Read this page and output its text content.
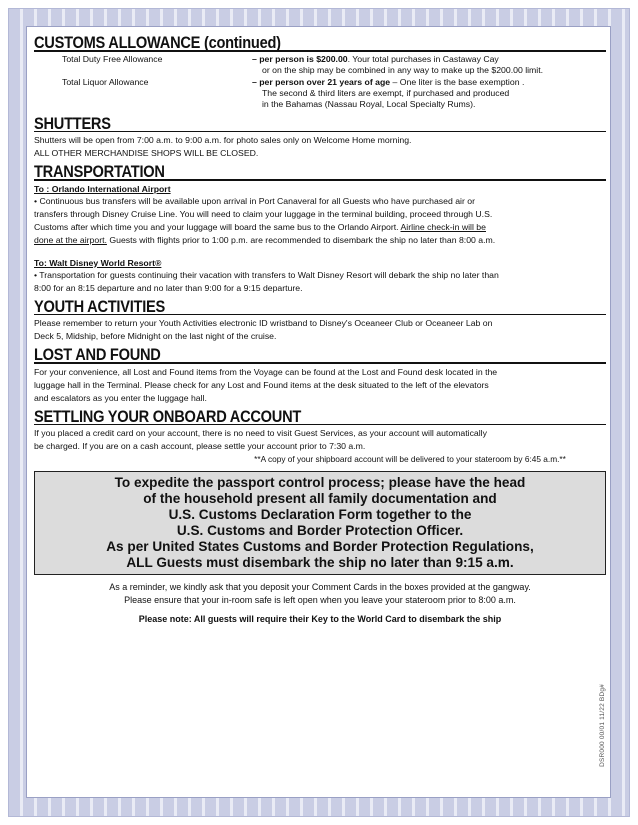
CUSTOMS ALLOWANCE (continued)
Total Duty Free Allowance	– per person is $200.00. Your total purchases in Castaway Cay
or on the ship may be combined in any way to make up the $200.00 limit.
Total Liquor Allowance	– per person over 21 years of age – One liter is the base exemption .
The second & third liters are exempt, if purchased and produced
in the Bahamas (Nassau Royal, Local Specialty Rums).
SHUTTERS

Shutters will be open from 7:00 a.m. to 9:00 a.m. for photo sales only on Welcome Home morning.

ALL OTHER MERCHANDISE SHOPS WILL BE CLOSED.

TRANSPORTATION

To : Orlando International Airport

• Continuous bus transfers will be available upon arrival in Port Canaveral for all Guests who have purchased air or

transfers through Disney Cruise Line. You will need to claim your luggage in the terminal building, proceed through U.S.

Customs after which time you and your luggage will board the same bus to the Orlando Airport. Airline check-in will be

done at the airport. Guests with flights prior to 1:00 p.m. are recommended to disembark the ship no later than 8:00 a.m.

To: Walt Disney World Resort®

• Transportation for guests continuing their vacation with transfers to Walt Disney Resort will debark the ship no later than

8:00 for an 8:15 departure and no later than 9:00 for a 9:15 departure.

YOUTH ACTIVITIES

Please remember to return your Youth Activities electronic ID wristband to Disney's Oceaneer Club or Oceaneer Lab on

Deck 5, Midship, before Midnight on the last night of the cruise.

LOST AND FOUND

For your convenience, all Lost and Found items from the Voyage can be found at the Lost and Found desk located in the

luggage hall in the Terminal. Please check for any Lost and Found items at the desk situated to the left of the elevators

and escalators as you enter the luggage hall.

SETTLING YOUR ONBOARD ACCOUNT

If you placed a credit card on your account, there is no need to visit Guest Services, as your account will automatically

be charged. If you are on a cash account, please settle your account prior to 7:30 a.m.

**A copy of your shipboard account will be delivered to your stateroom by 6:45 a.m.**

To expedite the passport control process; please have the head

of the household present all family documentation and

U.S. Customs Declaration Form together to the

U.S. Customs and Border Protection Officer.

As per United States Customs and Border Protection Regulations,

ALL Guests must disembark the ship no later than 9:15 a.m.

As a reminder, we kindly ask that you deposit your Comment Cards in the boxes provided at the gangway.

Please ensure that your in-room safe is left open when you leave your stateroom prior to 8:00 a.m.

Please note: All guests will require their Key to the World Card to disembark the ship

DSR000 00/01 11/22 BDg#
